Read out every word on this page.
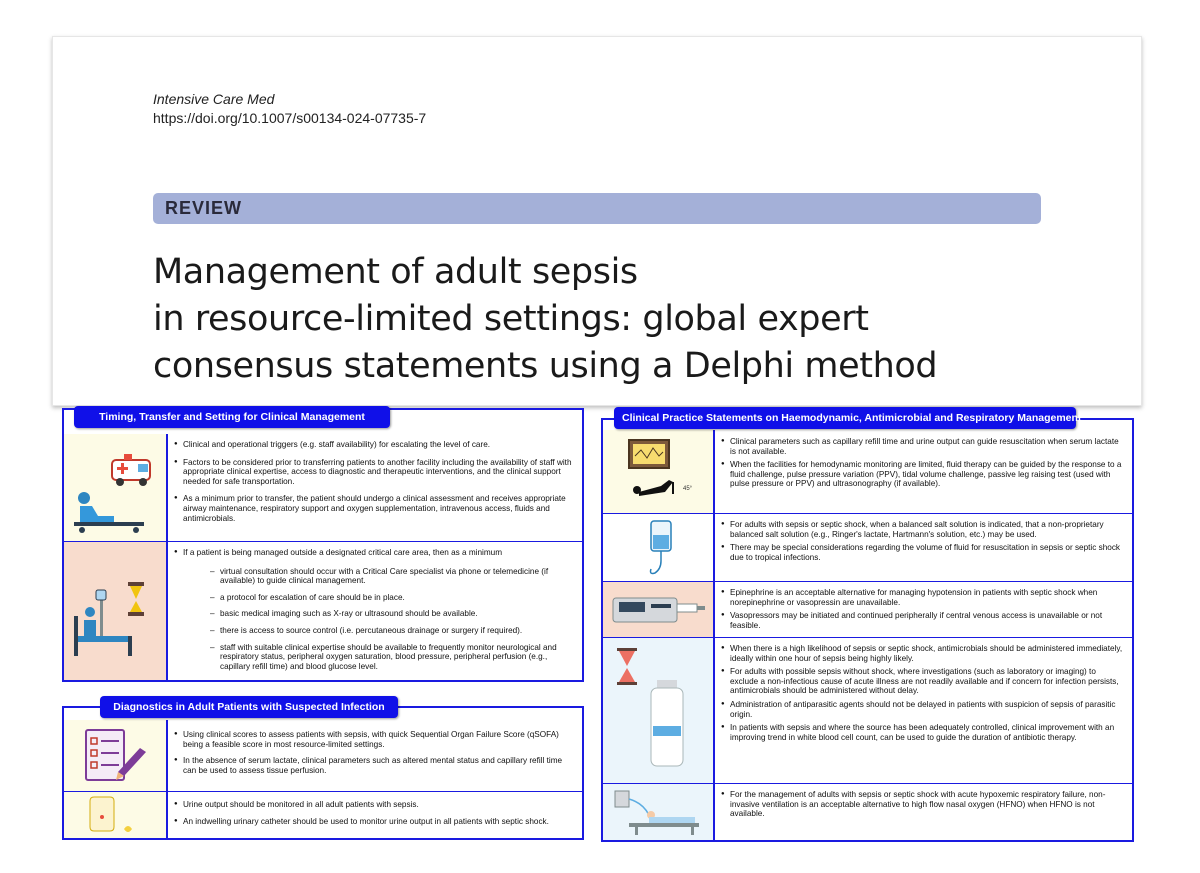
Intensive Care Med
https://doi.org/10.1007/s00134-024-07735-7
REVIEW
Management of adult sepsis
in resource-limited settings: global expert
consensus statements using a Delphi method
● Clinical and operational triggers (e.g. staff availability) for escalating the level of care.
● Factors to be considered prior to transferring patients to another facility including the availability of staff with appropriate clinical expertise, access to diagnostic and therapeutic interventions, and the clinical support needed for safe transportation.
● As a minimum prior to transfer, the patient should undergo a clinical assessment and receives appropriate airway maintenance, respiratory support and oxygen supplementation, intravenous access, fluids and antimicrobials.
● If a patient is being managed outside a designated critical care area, then as a minimum
– virtual consultation should occur with a Critical Care specialist via phone or telemedicine (if available) to guide clinical management.
– a protocol for escalation of care should be in place.
– basic medical imaging such as X-ray or ultrasound should be available.
– there is access to source control (i.e. percutaneous drainage or surgery if required).
– staff with suitable clinical expertise should be available to frequently monitor neurological and respiratory status, peripheral oxygen saturation, blood pressure, peripheral perfusion (e.g., capillary refill time) and blood glucose level.
Timing, Transfer and Setting for Clinical Management
● Using clinical scores to assess patients with sepsis, with quick Sequential Organ Failure Score (qSOFA) being a feasible score in most resource-limited settings.
● In the absence of serum lactate, clinical parameters such as altered mental status and capillary refill time can be used to assess tissue perfusion.
● Urine output should be monitored in all adult patients with sepsis.
● An indwelling urinary catheter should be used to monitor urine output in all patients with septic shock.
Diagnostics in Adult Patients with Suspected Infection
45°
● Clinical parameters such as capillary refill time and urine output can guide resuscitation when serum lactate is not available.
● When the facilities for hemodynamic monitoring are limited, fluid therapy can be guided by the response to a fluid challenge, pulse pressure variation (PPV), tidal volume challenge, passive leg raising test (used with pulse pressure or PPV) and ultrasonography (if available).
● For adults with sepsis or septic shock, when a balanced salt solution is indicated, that a non-proprietary balanced salt solution (e.g., Ringer's lactate, Hartmann's solution, etc.) may be used.
● There may be special considerations regarding the volume of fluid for resuscitation in sepsis or septic shock due to tropical infections.
● Epinephrine is an acceptable alternative for managing hypotension in patients with septic shock when norepinephrine or vasopressin are unavailable.
● Vasopressors may be initiated and continued peripherally if central venous access is unavailable or not feasible.
● When there is a high likelihood of sepsis or septic shock, antimicrobials should be administered immediately, ideally within one hour of sepsis being highly likely.
● For adults with possible sepsis without shock, where investigations (such as laboratory or imaging) to exclude a non-infectious cause of acute illness are not readily available and if concern for infection persists, antimicrobials should be administered without delay.
● Administration of antiparasitic agents should not be delayed in patients with suspicion of sepsis of parasitic origin.
● In patients with sepsis and where the source has been adequately controlled, clinical improvement with an improving trend in white blood cell count, can be used to guide the duration of antibiotic therapy.
● For the management of adults with sepsis or septic shock with acute hypoxemic respiratory failure, non-invasive ventilation is an acceptable alternative to high flow nasal oxygen (HFNO) when HFNO is not available.
Clinical Practice Statements on Haemodynamic, Antimicrobial and Respiratory Management
